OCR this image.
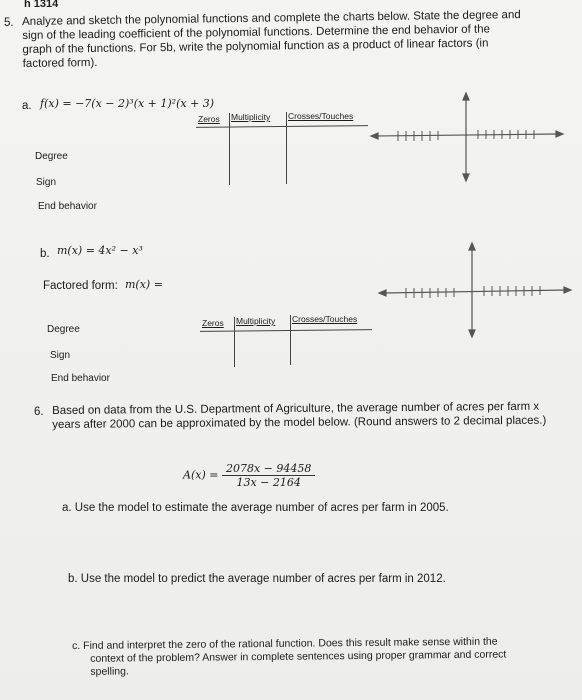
h 1314
5. Analyze and sketch the polynomial functions and complete the charts below. State the degree and
sign of the leading coefficient of the polynomial functions. Determine the end behavior of the
graph of the functions. For 5b, write the polynomial function as a product of linear factors (in
factored form).
a. f(x) = −7(x − 2)³(x + 1)²(x + 3)
Zeros Multiplicity Crosses/Touches
Degree
Sign
End behavior
b. m(x) = 4x² − x³
Factored form: m(x) =
Zeros Multiplicity Crosses/Touches
Degree
Sign
End behavior
6. Based on data from the U.S. Department of Agriculture, the average number of acres per farm x
years after 2000 can be approximated by the model below. (Round answers to 2 decimal places.)
$A(x) = \frac{2078x - 94458}{13x - 2164}$
a. Use the model to estimate the average number of acres per farm in 2005.
b. Use the model to predict the average number of acres per farm in 2012.
c. Find and interpret the zero of the rational function. Does this result make sense within the
context of the problem? Answer in complete sentences using proper grammar and correct
spelling.
